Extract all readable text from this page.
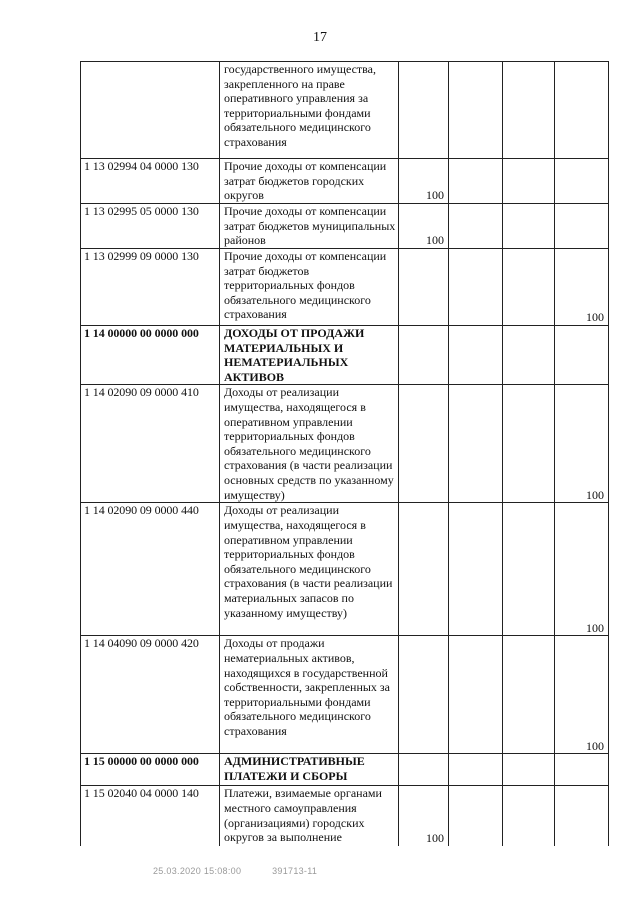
17
	государственного имущества, закрепленного на праве оперативного управления за территориальными фондами обязательного медицинского страхования				
1 13 02994 04 0000 130	Прочие доходы от компенсации затрат бюджетов городских округов	100			
1 13 02995 05 0000 130	Прочие доходы от компенсации затрат бюджетов муниципальных районов	100			
1 13 02999 09 0000 130	Прочие доходы от компенсации затрат бюджетов территориальных фондов обязательного медицинского страхования				100
1 14 00000 00 0000 000	ДОХОДЫ ОТ ПРОДАЖИ МАТЕРИАЛЬНЫХ И НЕМАТЕРИАЛЬНЫХ АКТИВОВ				
1 14 02090 09 0000 410	Доходы от реализации имущества, находящегося в оперативном управлении территориальных фондов обязательного медицинского страхования (в части реализации основных средств по указанному имуществу)				100
1 14 02090 09 0000 440	Доходы от реализации имущества, находящегося в оперативном управлении территориальных фондов обязательного медицинского страхования (в части реализации материальных запасов по указанному имуществу)				100
1 14 04090 09 0000 420	Доходы от продажи нематериальных активов, находящихся в государственной собственности, закрепленных за территориальными фондами обязательного медицинского страхования				100
1 15 00000 00 0000 000	АДМИНИСТРАТИВНЫЕ ПЛАТЕЖИ И СБОРЫ				
1 15 02040 04 0000 140	Платежи, взимаемые органами местного самоуправления (организациями) городских округов за выполнение	100			
25.03.2020 15:08:00	391713-11
